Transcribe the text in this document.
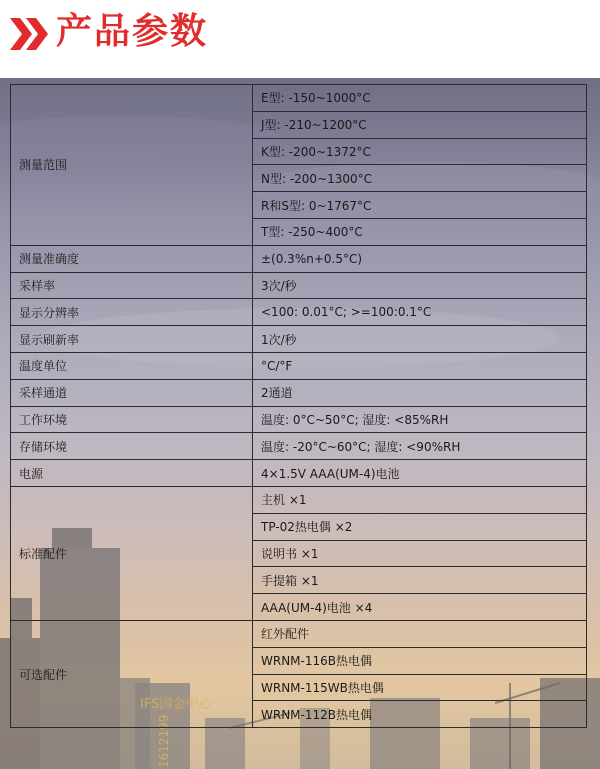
产品参数
IFS国金中心
1612199
测量范围	E型: -150~1000°C
	J型: -210~1200°C
	K型: -200~1372°C
	N型: -200~1300°C
	R和S型: 0~1767°C
	T型: -250~400°C
测量准确度	±(0.3%n+0.5°C)
采样率	3次/秒
显示分辨率	<100: 0.01°C; >=100:0.1°C
显示刷新率	1次/秒
温度单位	°C/°F
采样通道	2通道
工作环境	温度: 0°C~50°C; 湿度: <85%RH
存储环境	温度: -20°C~60°C; 湿度: <90%RH
电源	4×1.5V AAA(UM-4)电池
标准配件	主机 ×1
	TP-02热电偶 ×2
	说明书 ×1
	手提箱 ×1
	AAA(UM-4)电池 ×4
可选配件	红外配件
	WRNM-116B热电偶
	WRNM-115WB热电偶
	WRNM-112B热电偶
